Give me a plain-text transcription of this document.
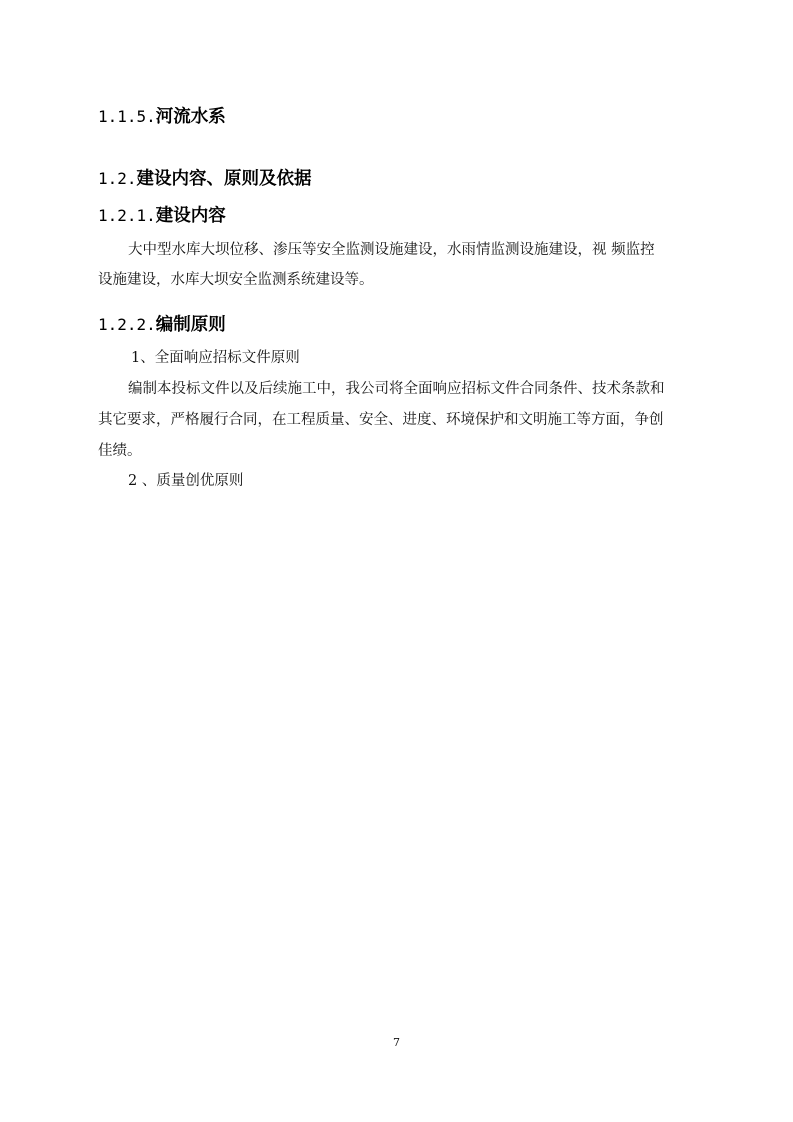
1.1.5.河流水系
1.2.建设内容、原则及依据
1.2.1.建设内容
大中型水库大坝位移、渗压等安全监测设施建设，水雨情监测设施建设，视 频监控
设施建设，水库大坝安全监测系统建设等。
1.2.2.编制原则
1、全面响应招标文件原则
编制本投标文件以及后续施工中，我公司将全面响应招标文件合同条件、技术条款和
其它要求，严格履行合同，在工程质量、安全、进度、环境保护和文明施工等方面，争创
佳绩。
2 、质量创优原则
7
